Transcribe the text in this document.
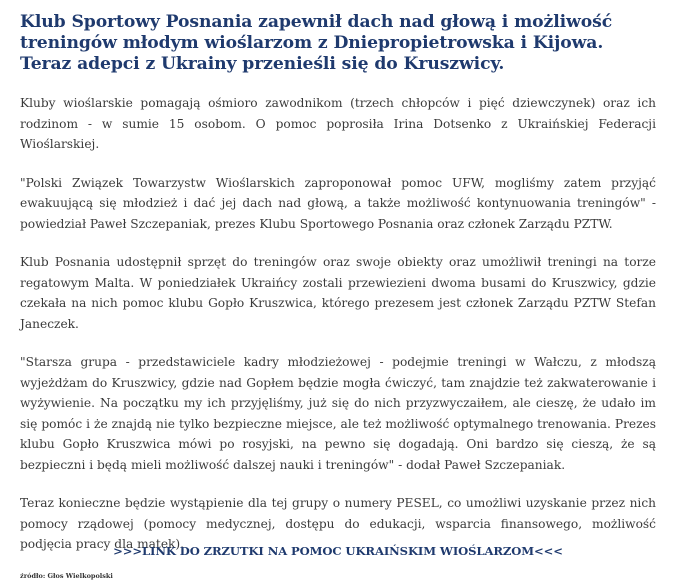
Klub Sportowy Posnania zapewnił dach nad głową i możliwość treningów młodym wioślarzom z Dniepropietrowska i Kijowa. Teraz adepci z Ukrainy przenieśli się do Kruszwicy.

Kluby wioślarskie pomagają ośmioro zawodnikom (trzech chłopców i pięć dziewczynek) oraz ich rodzinom - w sumie 15 osobom. O pomoc poprosiła Irina Dotsenko z Ukraińskiej Federacji Wioślarskiej.

"Polski Związek Towarzystw Wioślarskich zaproponował pomoc UFW, mogliśmy zatem przyjąć ewakuującą się młodzież i dać jej dach nad głową, a także możliwość kontynuowania treningów" - powiedział Paweł Szczepaniak, prezes Klubu Sportowego Posnania oraz członek Zarządu PZTW.

Klub Posnania udostępnił sprzęt do treningów oraz swoje obiekty oraz umożliwił treningi na torze regatowym Malta. W poniedziałek Ukraińcy zostali przewiezieni dwoma busami do Kruszwicy, gdzie czekała na nich pomoc klubu Gopło Kruszwica, którego prezesem jest członek Zarządu PZTW Stefan Janeczek.

"Starsza grupa - przedstawiciele kadry młodzieżowej - podejmie treningi w Wałczu, z młodszą wyjeżdżam do Kruszwicy, gdzie nad Gopłem będzie mogła ćwiczyć, tam znajdzie też zakwaterowanie i wyżywienie. Na początku my ich przyjęliśmy, już się do nich przyzwyczaiłem, ale cieszę, że udało im się pomóc i że znajdą nie tylko bezpieczne miejsce, ale też możliwość optymalnego trenowania. Prezes klubu Gopło Kruszwica mówi po rosyjski, na pewno się dogadają. Oni bardzo się cieszą, że są bezpieczni i będą mieli możliwość dalszej nauki i treningów" - dodał Paweł Szczepaniak.

Teraz konieczne będzie wystąpienie dla tej grupy o numery PESEL, co umożliwi uzyskanie przez nich pomocy rządowej (pomocy medycznej, dostępu do edukacji, wsparcia finansowego, możliwość podjęcia pracy dla matek).

źródło: Głos Wielkopolski

>>>LINK DO ZRZUTKI NA POMOC UKRAIŃSKIM WIOŚLARZOM<<<
